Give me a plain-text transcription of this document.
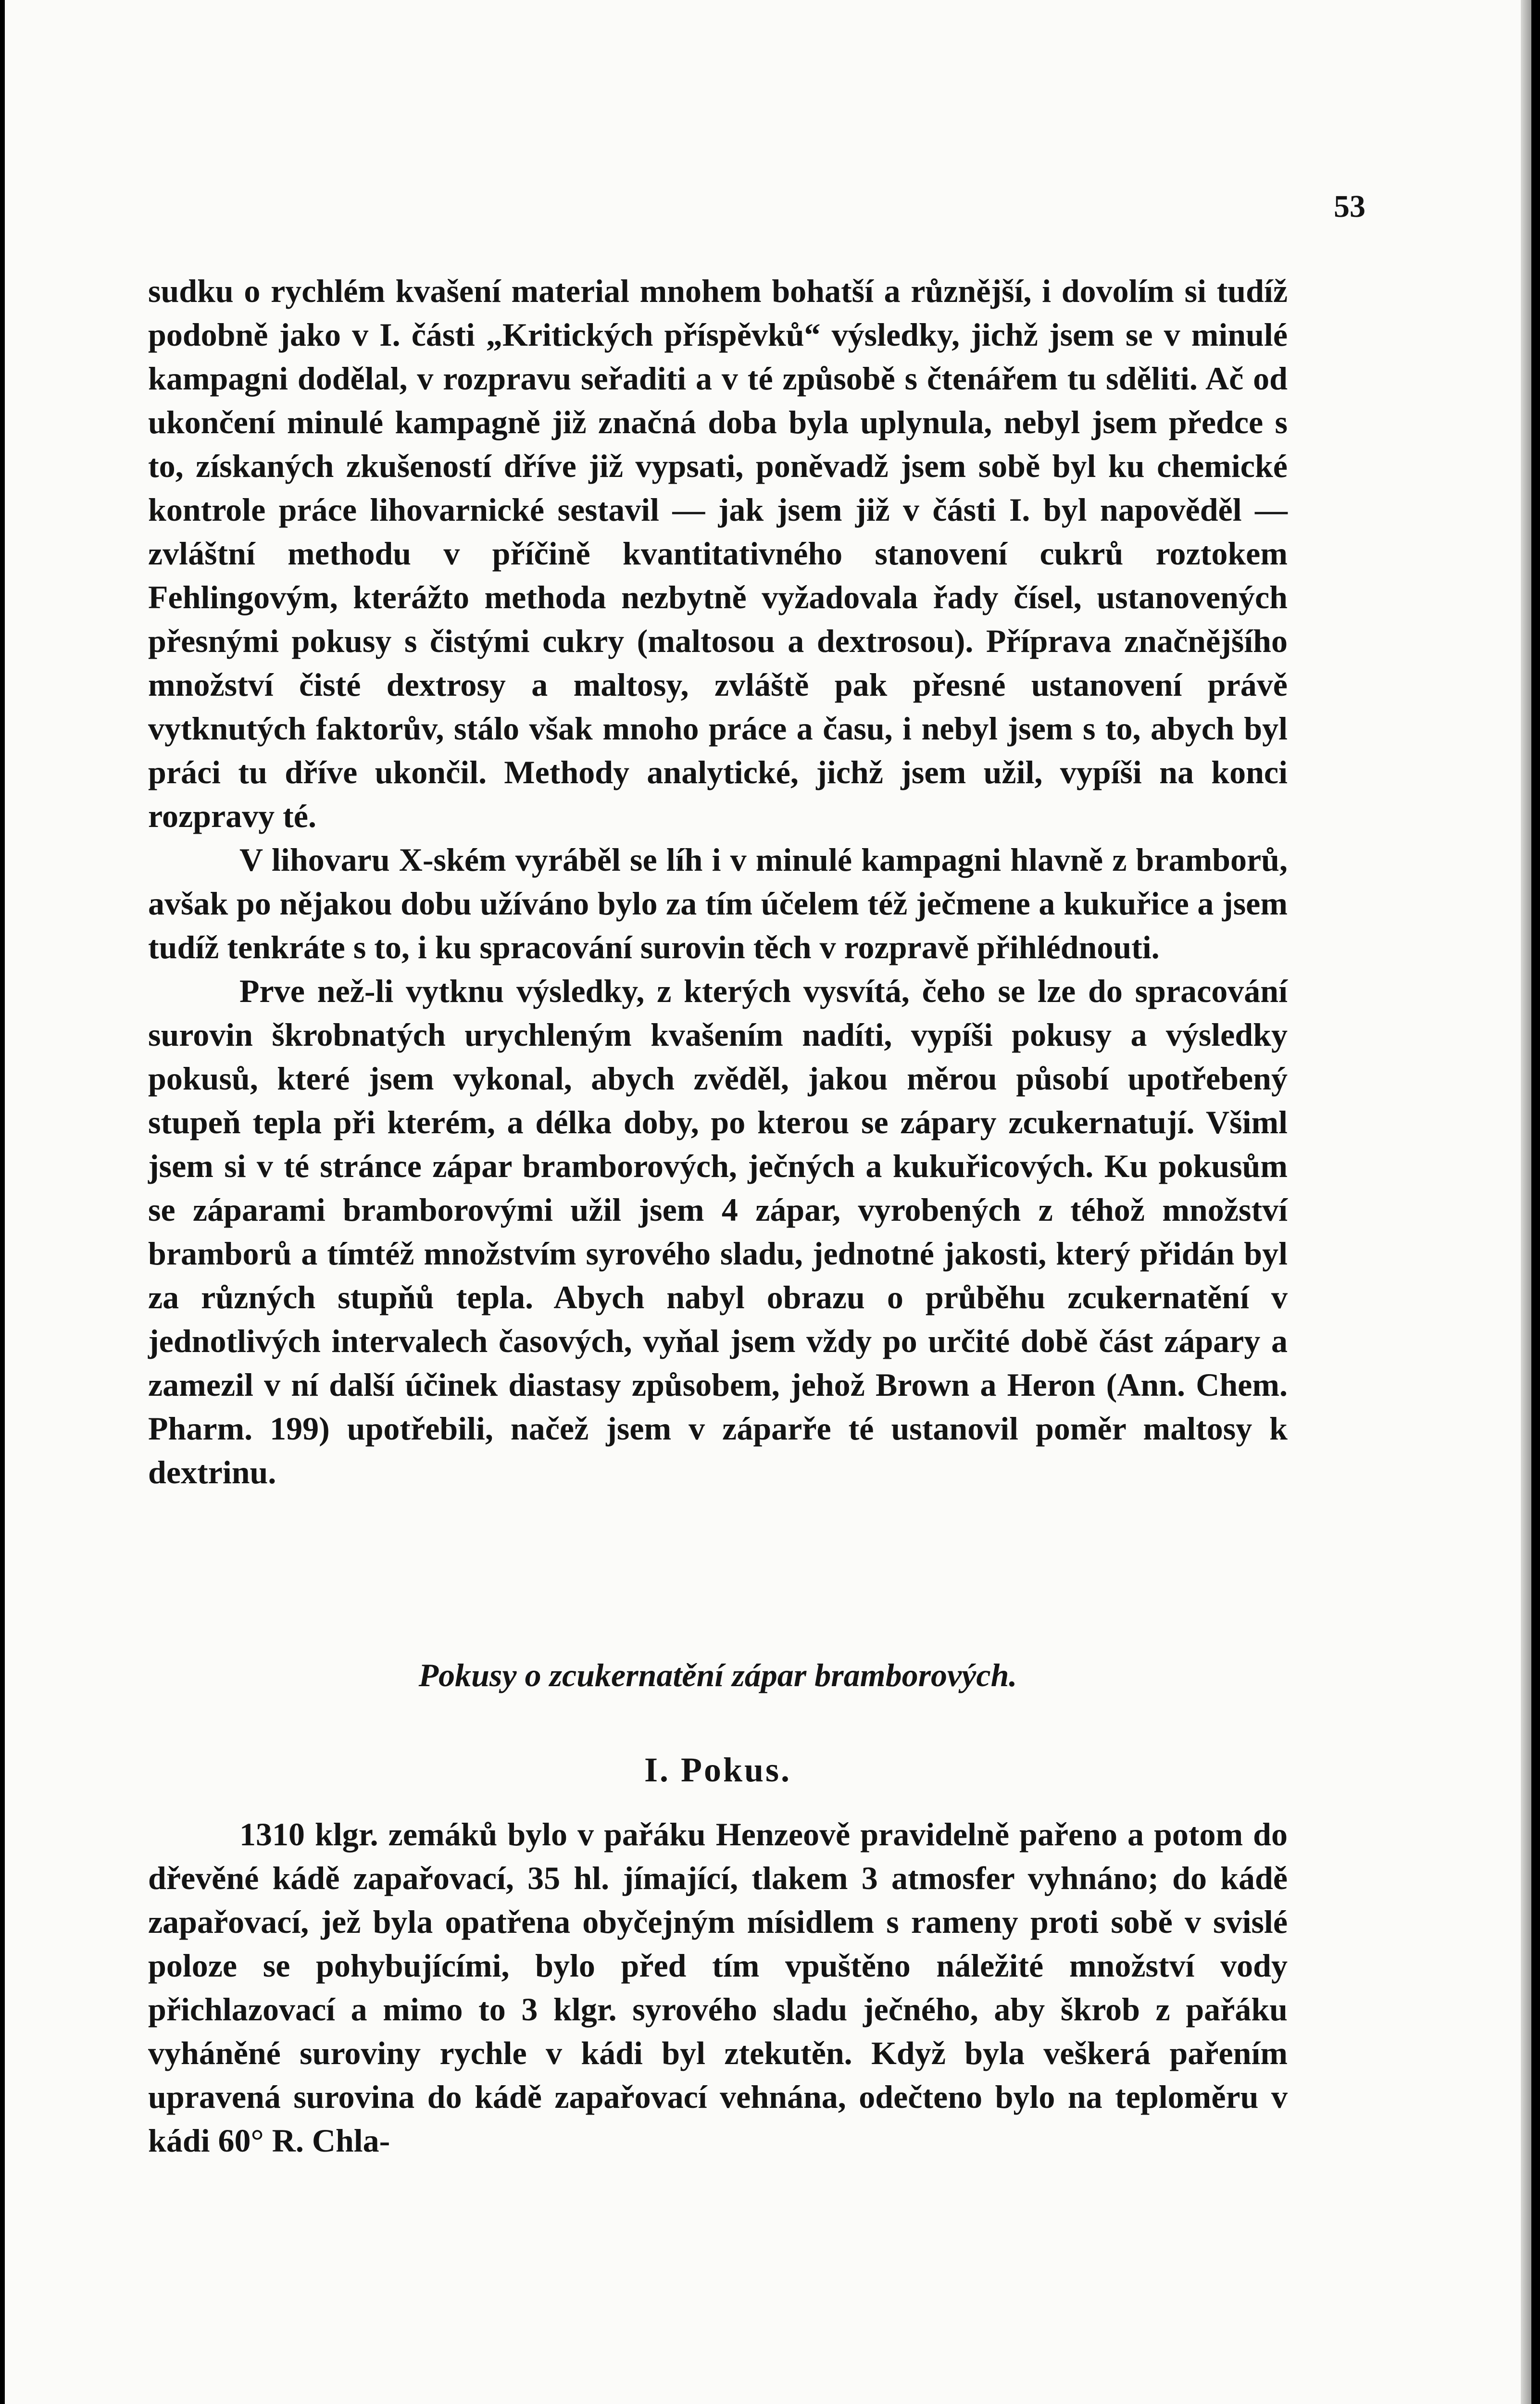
53

sudku o rychlém kvašení material mnohem bohatší a různější, i dovolím si tudíž podobně jako v I. části „Kritických příspěvků“ výsledky, jichž jsem se v minulé kampagni dodělal, v rozpravu seřaditi a v té způsobě s čtenářem tu sděliti. Ač od ukončení minulé kampagně již značná doba byla uplynula, nebyl jsem předce s to, získaných zkušeností dříve již vypsati, poněvadž jsem sobě byl ku chemické kontrole práce lihovarnické sestavil — jak jsem již v části I. byl napověděl — zvláštní methodu v příčině kvantitativného stanovení cukrů roztokem Fehlingovým, kterážto methoda nezbytně vyžadovala řady čísel, ustanovených přesnými pokusy s čistými cukry (maltosou a dextrosou). Příprava značnějšího množství čisté dextrosy a maltosy, zvláště pak přesné ustanovení právě vytknutých faktorův, stálo však mnoho práce a času, i nebyl jsem s to, abych byl práci tu dříve ukončil. Methody analytické, jichž jsem užil, vypíši na konci rozpravy té.

V lihovaru X-ském vyráběl se líh i v minulé kampagni hlavně z bramborů, avšak po nějakou dobu užíváno bylo za tím účelem též ječmene a kukuřice a jsem tudíž tenkráte s to, i ku spracování surovin těch v rozpravě přihlédnouti.

Prve než-li vytknu výsledky, z kterých vysvítá, čeho se lze do spracování surovin škrobnatých urychleným kvašením nadíti, vypíši pokusy a výsledky pokusů, které jsem vykonal, abych zvěděl, jakou měrou působí upotřebený stupeň tepla při kterém, a délka doby, po kterou se zápary zcukernatují. Všiml jsem si v té stránce zápar bramborových, ječných a kukuřicových. Ku pokusům se záparami bramborovými užil jsem 4 zápar, vyrobených z téhož množství bramborů a tímtéž množstvím syrového sladu, jednotné jakosti, který přidán byl za různých stupňů tepla. Abych nabyl obrazu o průběhu zcukernatění v jednotlivých intervalech časových, vyňal jsem vždy po určité době část zápary a zamezil v ní další účinek diastasy způsobem, jehož Brown a Heron (Ann. Chem. Pharm. 199) upotřebili, načež jsem v záparře té ustanovil poměr maltosy k dextrinu.

Pokusy o zcukernatění zápar bramborových.
I. Pokus.

1310 klgr. zemáků bylo v pařáku Henzeově pravidelně pařeno a potom do dřevěné kádě zapařovací, 35 hl. jímající, tlakem 3 atmosfer vyhnáno; do kádě zapařovací, jež byla opatřena obyčejným mísidlem s rameny proti sobě v svislé poloze se pohybujícími, bylo před tím vpuštěno náležité množství vody přichlazovací a mimo to 3 klgr. syrového sladu ječného, aby škrob z pařáku vyháněné suroviny rychle v kádi byl ztekutěn. Když byla veškerá pařením upravená surovina do kádě zapařovací vehnána, odečteno bylo na teploměru v kádi 60° R. Chla-
